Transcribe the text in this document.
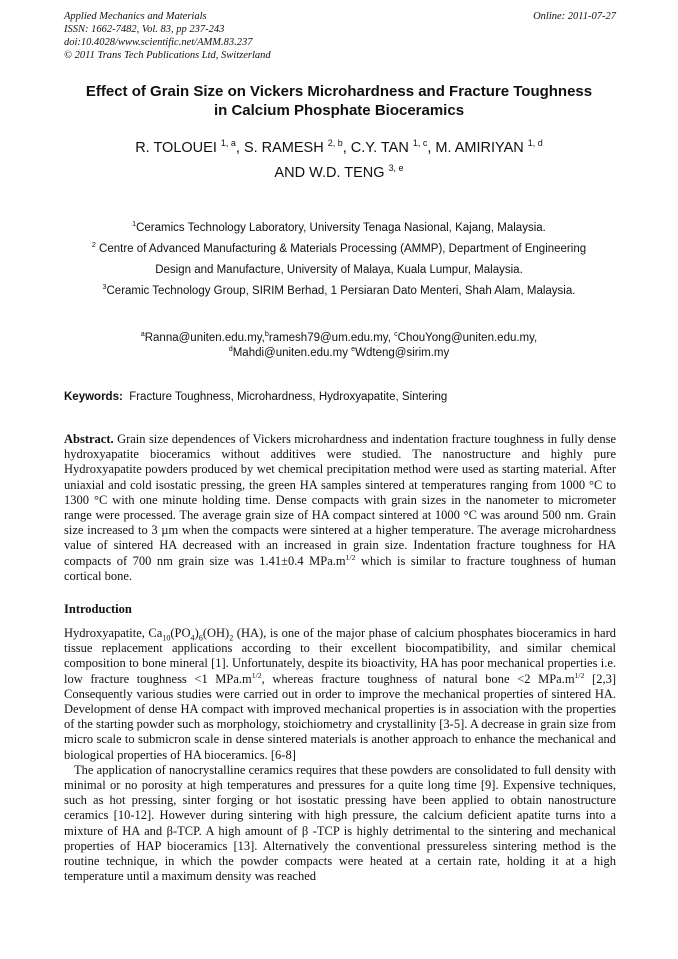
Applied Mechanics and Materials
ISSN: 1662-7482, Vol. 83, pp 237-243
doi:10.4028/www.scientific.net/AMM.83.237
© 2011 Trans Tech Publications Ltd, Switzerland
Online: 2011-07-27
Effect of Grain Size on Vickers Microhardness and Fracture Toughness
in Calcium Phosphate Bioceramics
R. TOLOUEI $^{1, a}$, S. RAMESH $^{2, b}$, C.Y. TAN $^{1, c}$, M. AMIRIYAN $^{1, d}$
AND W.D. TENG $^{3, e}$
$^1$Ceramics Technology Laboratory, University Tenaga Nasional, Kajang, Malaysia.
$^2$ Centre of Advanced Manufacturing & Materials Processing (AMMP), Department of Engineering
Design and Manufacture, University of Malaya, Kuala Lumpur, Malaysia.
$^3$Ceramic Technology Group, SIRIM Berhad, 1 Persiaran Dato Menteri, Shah Alam, Malaysia.
$^a$Ranna@uniten.edu.my,$^b$ramesh79@um.edu.my, $^c$ChouYong@uniten.edu.my,
$^d$Mahdi@uniten.edu.my $^e$Wdteng@sirim.my
Keywords: Fracture Toughness, Microhardness, Hydroxyapatite, Sintering
Abstract. Grain size dependences of Vickers microhardness and indentation fracture toughness in fully dense hydroxyapatite bioceramics without additives were studied. The nanostructure and highly pure Hydroxyapatite powders produced by wet chemical precipitation method were used as starting material. After uniaxial and cold isostatic pressing, the green HA samples sintered at temperatures ranging from 1000 °C to 1300 °C with one minute holding time. Dense compacts with grain sizes in the nanometer to micrometer range were processed. The average grain size of HA compact sintered at 1000 °C was around 500 nm. Grain size increased to 3 µm when the compacts were sintered at a higher temperature. The average microhardness value of sintered HA decreased with an increased in grain size. Indentation fracture toughness for HA compacts of 700 nm grain size was 1.41±0.4 $MPa.m^{1/2}$ which is similar to fracture toughness of human cortical bone.
Introduction

Hydroxyapatite, $Ca_{10}(PO_4)_6(OH)_2$ (HA), is one of the major phase of calcium phosphates bioceramics in hard tissue replacement applications according to their excellent biocompatibility, and similar chemical composition to bone mineral [1]. Unfortunately, despite its bioactivity, HA has poor mechanical properties i.e. low fracture toughness <1 $MPa.m^{1/2}$, whereas fracture toughness of natural bone <2 $MPa.m^{1/2}$ [2,3] Consequently various studies were carried out in order to improve the mechanical properties of sintered HA. Development of dense HA compact with improved mechanical properties is in association with the properties of the starting powder such as morphology, stoichiometry and crystallinity [3-5]. A decrease in grain size from micro scale to submicron scale in dense sintered materials is another approach to enhance the mechanical and biological properties of HA bioceramics. [6-8]

The application of nanocrystalline ceramics requires that these powders are consolidated to full density with minimal or no porosity at high temperatures and pressures for a quite long time [9]. Expensive techniques, such as hot pressing, sinter forging or hot isostatic pressing have been applied to obtain nanostructure ceramics [10-12]. However during sintering with high pressure, the calcium deficient apatite turns into a mixture of HA and β-TCP. A high amount of β -TCP is highly detrimental to the sintering and mechanical properties of HAP bioceramics [13]. Alternatively the conventional pressureless sintering method is the routine technique, in which the powder compacts were heated at a certain rate, holding it at a high temperature until a maximum density was reached
